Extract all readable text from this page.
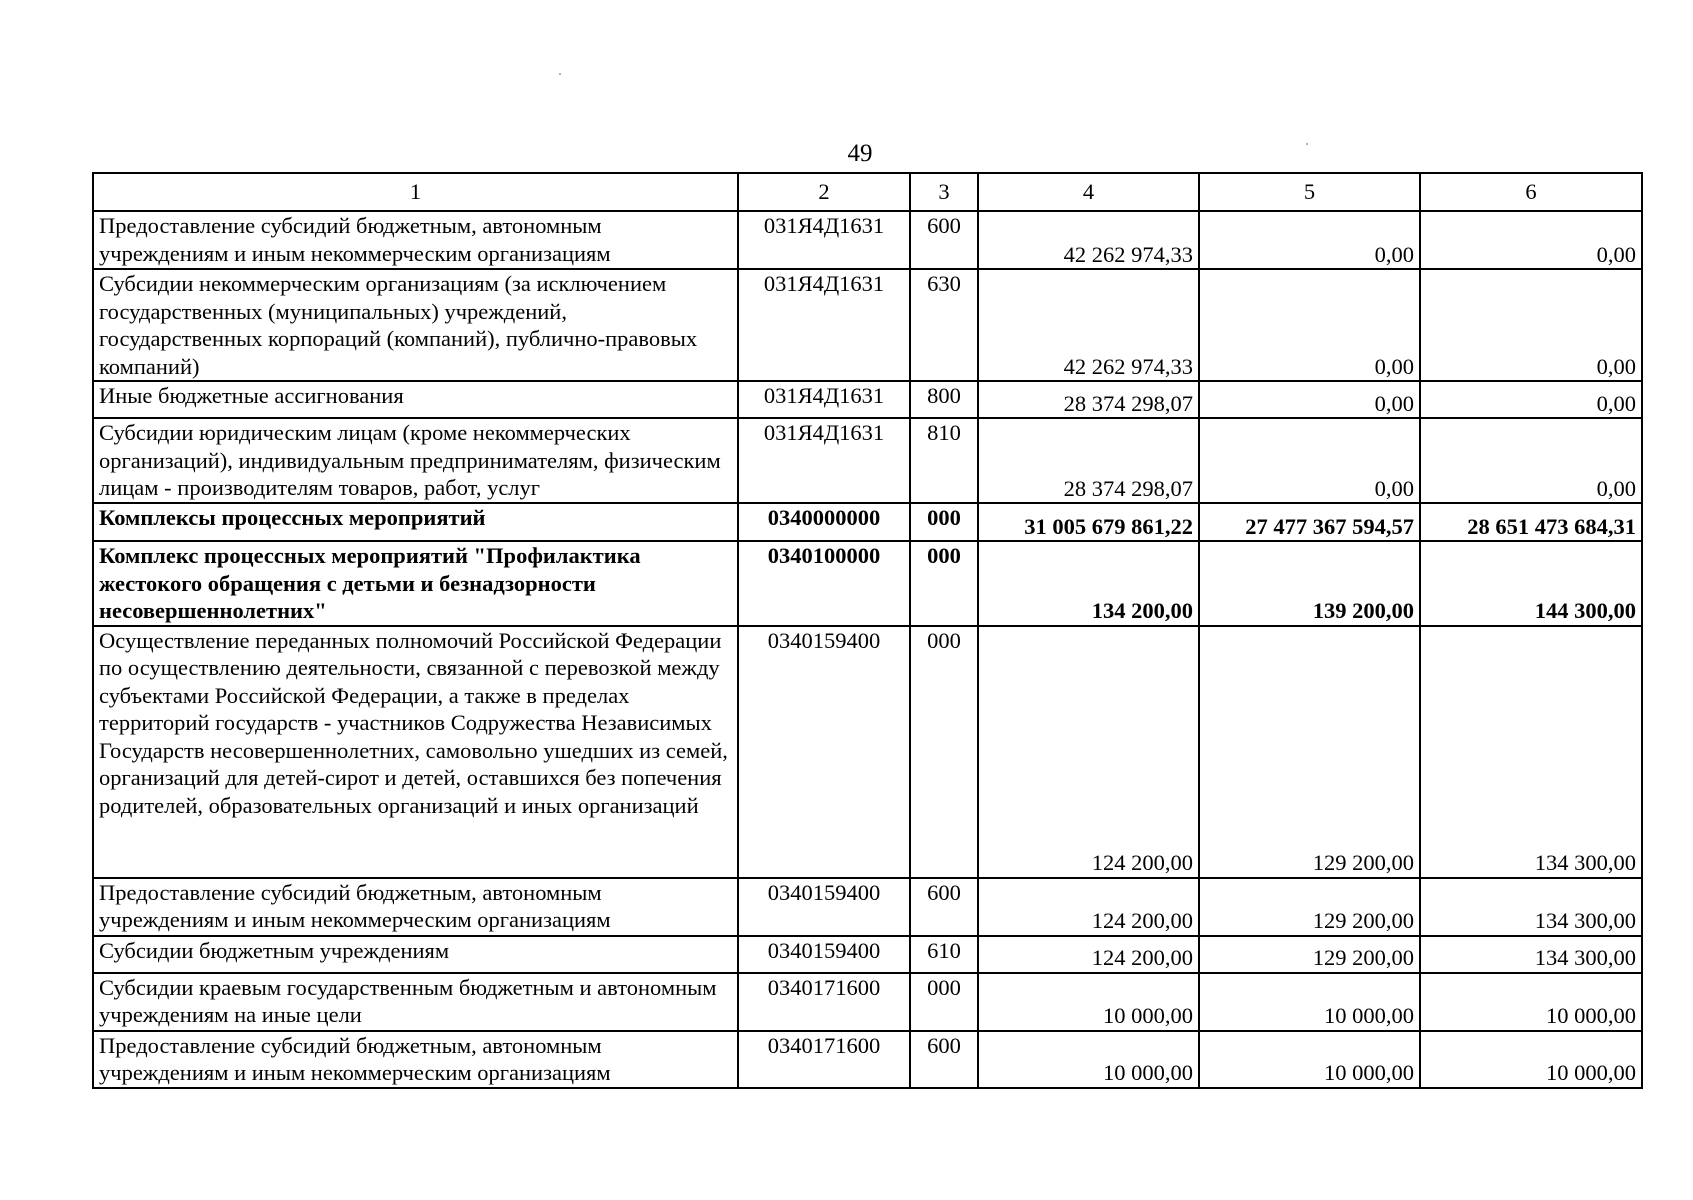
49
1	2	3	4	5	6
Предоставление субсидий бюджетным, автономным учреждениям и иным некоммерческим организациям	031Я4Д1631	600	42 262 974,33	0,00	0,00
Субсидии некоммерческим организациям (за исключением государственных (муниципальных) учреждений, государственных корпораций (компаний), публично-правовых компаний)	031Я4Д1631	630	42 262 974,33	0,00	0,00
Иные бюджетные ассигнования	031Я4Д1631	800	28 374 298,07	0,00	0,00
Субсидии юридическим лицам (кроме некоммерческих организаций), индивидуальным предпринимателям, физическим лицам - производителям товаров, работ, услуг	031Я4Д1631	810	28 374 298,07	0,00	0,00
Комплексы процессных мероприятий	0340000000	000	31 005 679 861,22	27 477 367 594,57	28 651 473 684,31
Комплекс процессных мероприятий "Профилактика жестокого обращения с детьми и безнадзорности несовершеннолетних"	0340100000	000	134 200,00	139 200,00	144 300,00
Осуществление переданных полномочий Российской Федерации по осуществлению деятельности, связанной с перевозкой между субъектами Российской Федерации, а также в пределах территорий государств - участников Содружества Независимых Государств несовершеннолетних, самовольно ушедших из семей, организаций для детей-сирот и детей, оставшихся без попечения родителей, образовательных организаций и иных организаций	0340159400	000	124 200,00	129 200,00	134 300,00
Предоставление субсидий бюджетным, автономным учреждениям и иным некоммерческим организациям	0340159400	600	124 200,00	129 200,00	134 300,00
Субсидии бюджетным учреждениям	0340159400	610	124 200,00	129 200,00	134 300,00
Субсидии краевым государственным бюджетным и автономным учреждениям на иные цели	0340171600	000	10 000,00	10 000,00	10 000,00
Предоставление субсидий бюджетным, автономным учреждениям и иным некоммерческим организациям	0340171600	600	10 000,00	10 000,00	10 000,00
